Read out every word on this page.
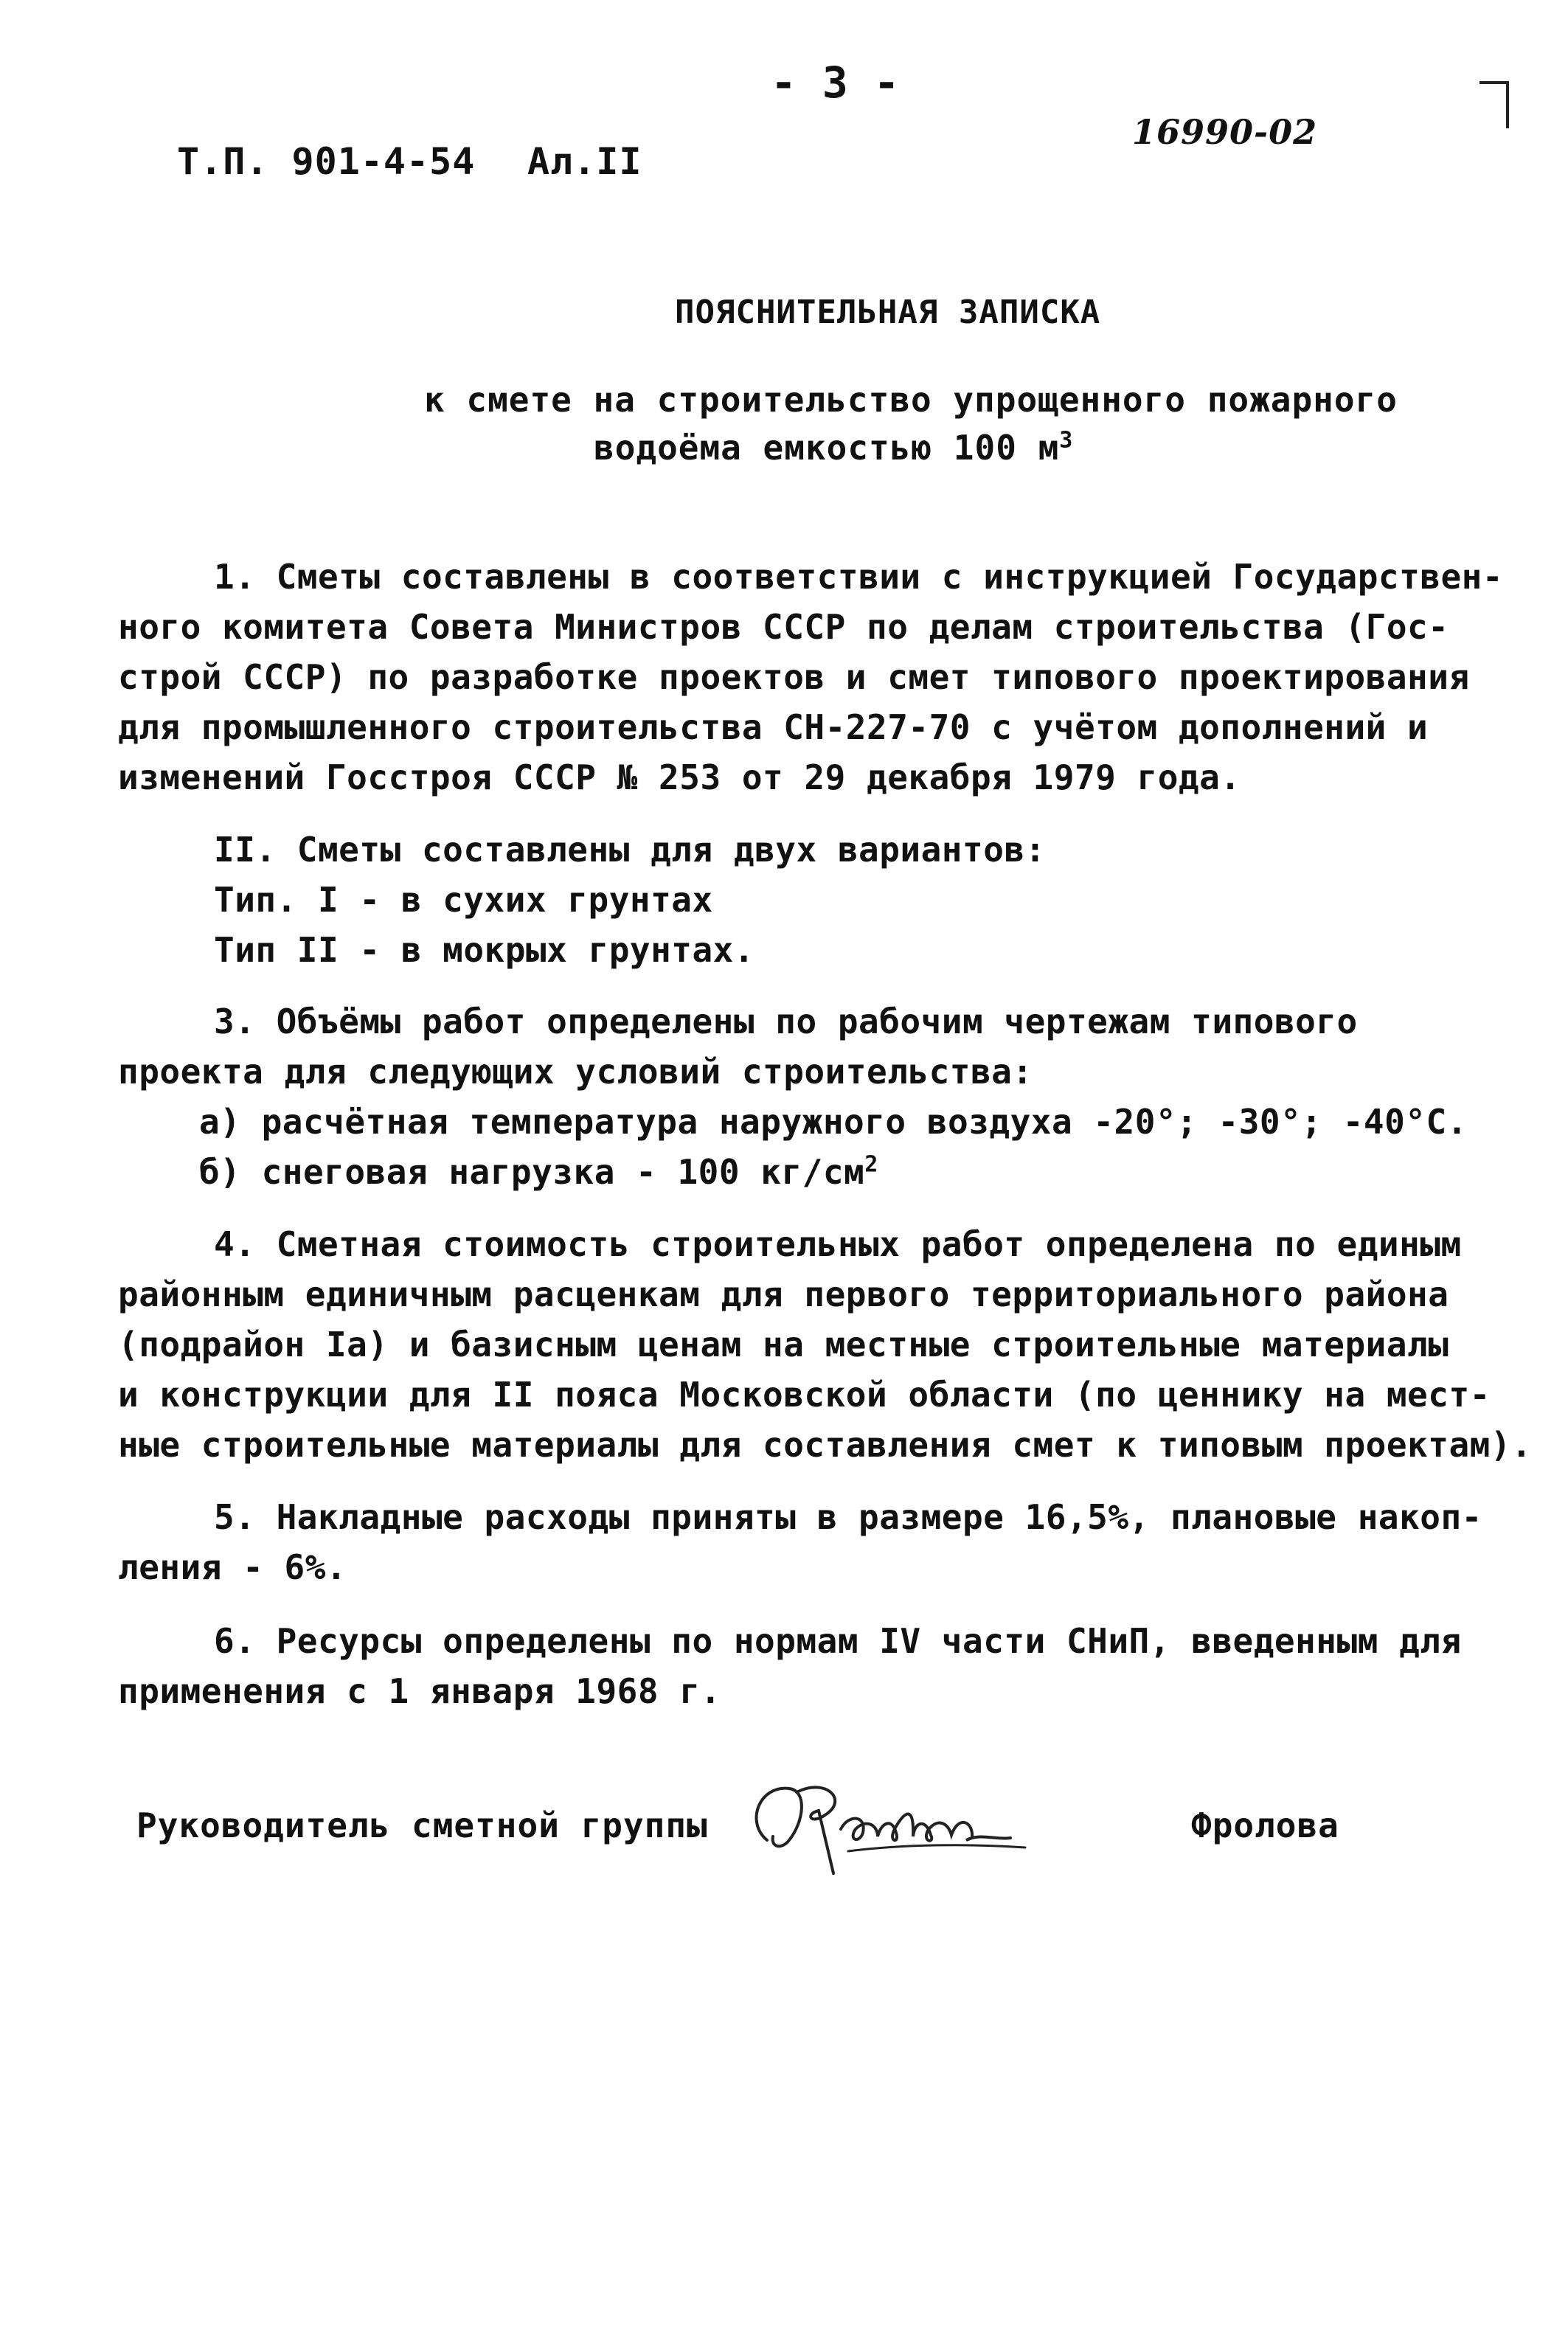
- 3 -
16990-02
Т.П. 901-4-54 Ал.II
ПОЯСНИТЕЛЬНАЯ ЗАПИСКА
к смете на строительство упрощенного пожарного
водоёма емкостью 100 $м^3$
1. Сметы составлены в соответствии с инструкцией Государствен-
ного комитета Совета Министров СССР по делам строительства (Гос-
строй СССР) по разработке проектов и смет типового проектирования
для промышленного строительства СН-227-70 с учётом дополнений и
изменений Госстроя СССР № 253 от 29 декабря 1979 года.
II. Сметы составлены для двух вариантов:
Тип. I - в сухих грунтах
Тип II - в мокрых грунтах.
3. Объёмы работ определены по рабочим чертежам типового
проекта для следующих условий строительства:
а) расчётная температура наружного воздуха -20°; -30°; -40°С.
б) снеговая нагрузка - 100 $кг/см^2$
4. Сметная стоимость строительных работ определена по единым
районным единичным расценкам для первого территориального района
(подрайон Iа) и базисным ценам на местные строительные материалы
и конструкции для II пояса Московской области (по ценнику на мест-
ные строительные материалы для составления смет к типовым проектам).
5. Накладные расходы приняты в размере 16,5%, плановые накоп-
ления - 6%.
6. Ресурсы определены по нормам IV части СНиП, введенным для
применения с 1 января 1968 г.
Руководитель сметной группы	Фролова
